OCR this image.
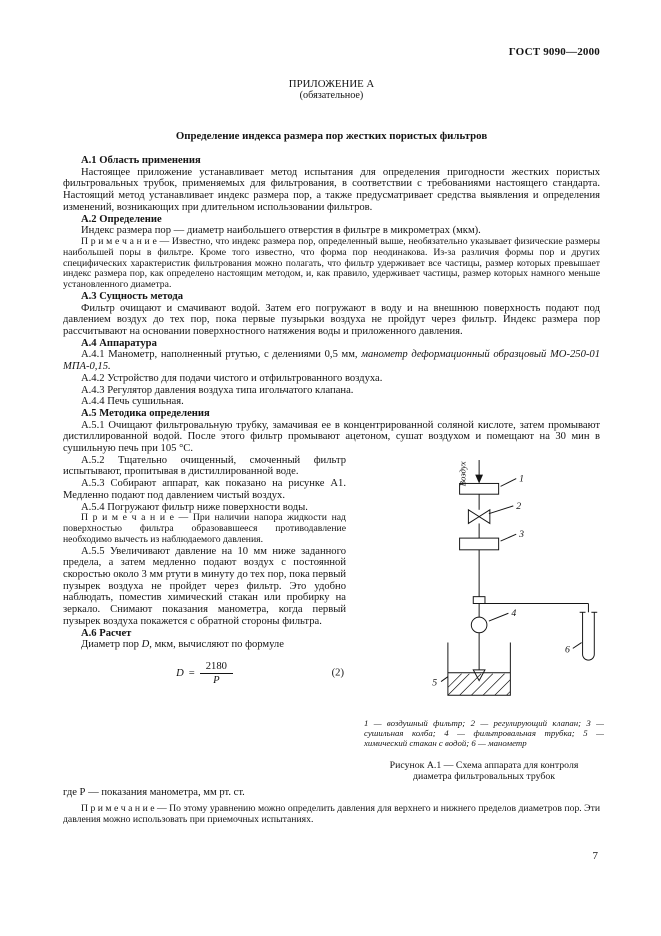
ГОСТ 9090—2000
ПРИЛОЖЕНИЕ А
(обязательное)
Определение индекса размера пор жестких пористых фильтров

А.1 Область применения

Настоящее приложение устанавливает метод испытания для определения пригодности жестких пористых фильтровальных трубок, применяемых для фильтрования, в соответствии с требованиями настоящего стандарта. Настоящий метод устанавливает индекс размера пор, а также предусматривает средства выявления и определения изменений, возникающих при длительном использовании фильтров.

А.2 Определение

Индекс размера пор — диаметр наибольшего отверстия в фильтре в микрометрах (мкм).

П р и м е ч а н и е — Известно, что индекс размера пор, определенный выше, необязательно указывает физические размеры наибольшей поры в фильтре. Кроме того известно, что форма пор неодинакова. Из-за различия формы пор и других специфических характеристик фильтрования можно полагать, что фильтр удерживает все частицы, размер которых превышает индекс размера пор, как определено настоящим методом, и, как правило, удерживает частицы, размер которых намного меньше установленного диаметра.

А.3 Сущность метода

Фильтр очищают и смачивают водой. Затем его погружают в воду и на внешнюю поверхность подают под давлением воздух до тех пор, пока первые пузырьки воздуха не пройдут через фильтр. Индекс размера пор рассчитывают на основании поверхностного натяжения воды и приложенного давления.

А.4 Аппаратура

А.4.1 Манометр, наполненный ртутью, с делениями 0,5 мм, манометр деформационный образцовый МО-250-01 МПА-0,15.

А.4.2 Устройство для подачи чистого и отфильтрованного воздуха.

А.4.3 Регулятор давления воздуха типа игольчатого клапана.

А.4.4 Печь сушильная.

А.5 Методика определения

А.5.1 Очищают фильтровальную трубку, замачивая ее в концентрированной соляной кислоте, затем промывают дистиллированной водой. После этого фильтр промывают ацетоном, сушат воздухом и помещают на 30 мин в сушильную печь при 105 °С.

А.5.2 Тщательно очищенный, смоченный фильтр испытывают, пропитывая в дистиллированной воде.

А.5.3 Собирают аппарат, как показано на рисунке А1. Медленно подают под давлением чистый воздух.

А.5.4 Погружают фильтр ниже поверхности воды.

П р и м е ч а н и е — При наличии напора жидкости над поверхностью фильтра образовавшееся противодавление необходимо вычесть из наблюдаемого давления.

А.5.5 Увеличивают давление на 10 мм ниже заданного предела, а затем медленно подают воздух с постоянной скоростью около 3 мм ртути в минуту до тех пор, пока первый пузырек воздуха не пройдет через фильтр. Это удобно наблюдать, поместив химический стакан или пробирку на зеркало. Снимают показания манометра, когда первый пузырек воздуха покажется с обратной стороны фильтра.

А.6 Расчет

Диаметр пор D, мкм, вычисляют по формуле

$D = \frac{2180}{P}$	(2)
Воздух	1
2
3
6
4
5

1 — воздушный фильтр; 2 — регулирующий клапан; 3 — сушильная колба; 4 — фильтровальная трубка; 5 — химический стакан с водой; 6 — манометр

Рисунок А.1 — Схема аппарата для контроля диаметра фильтровальных трубок

где Р — показания манометра, мм рт. ст.

П р и м е ч а н и е — По этому уравнению можно определить давления для верхнего и нижнего пределов диаметров пор. Эти давления можно использовать при приемочных испытаниях.

7
